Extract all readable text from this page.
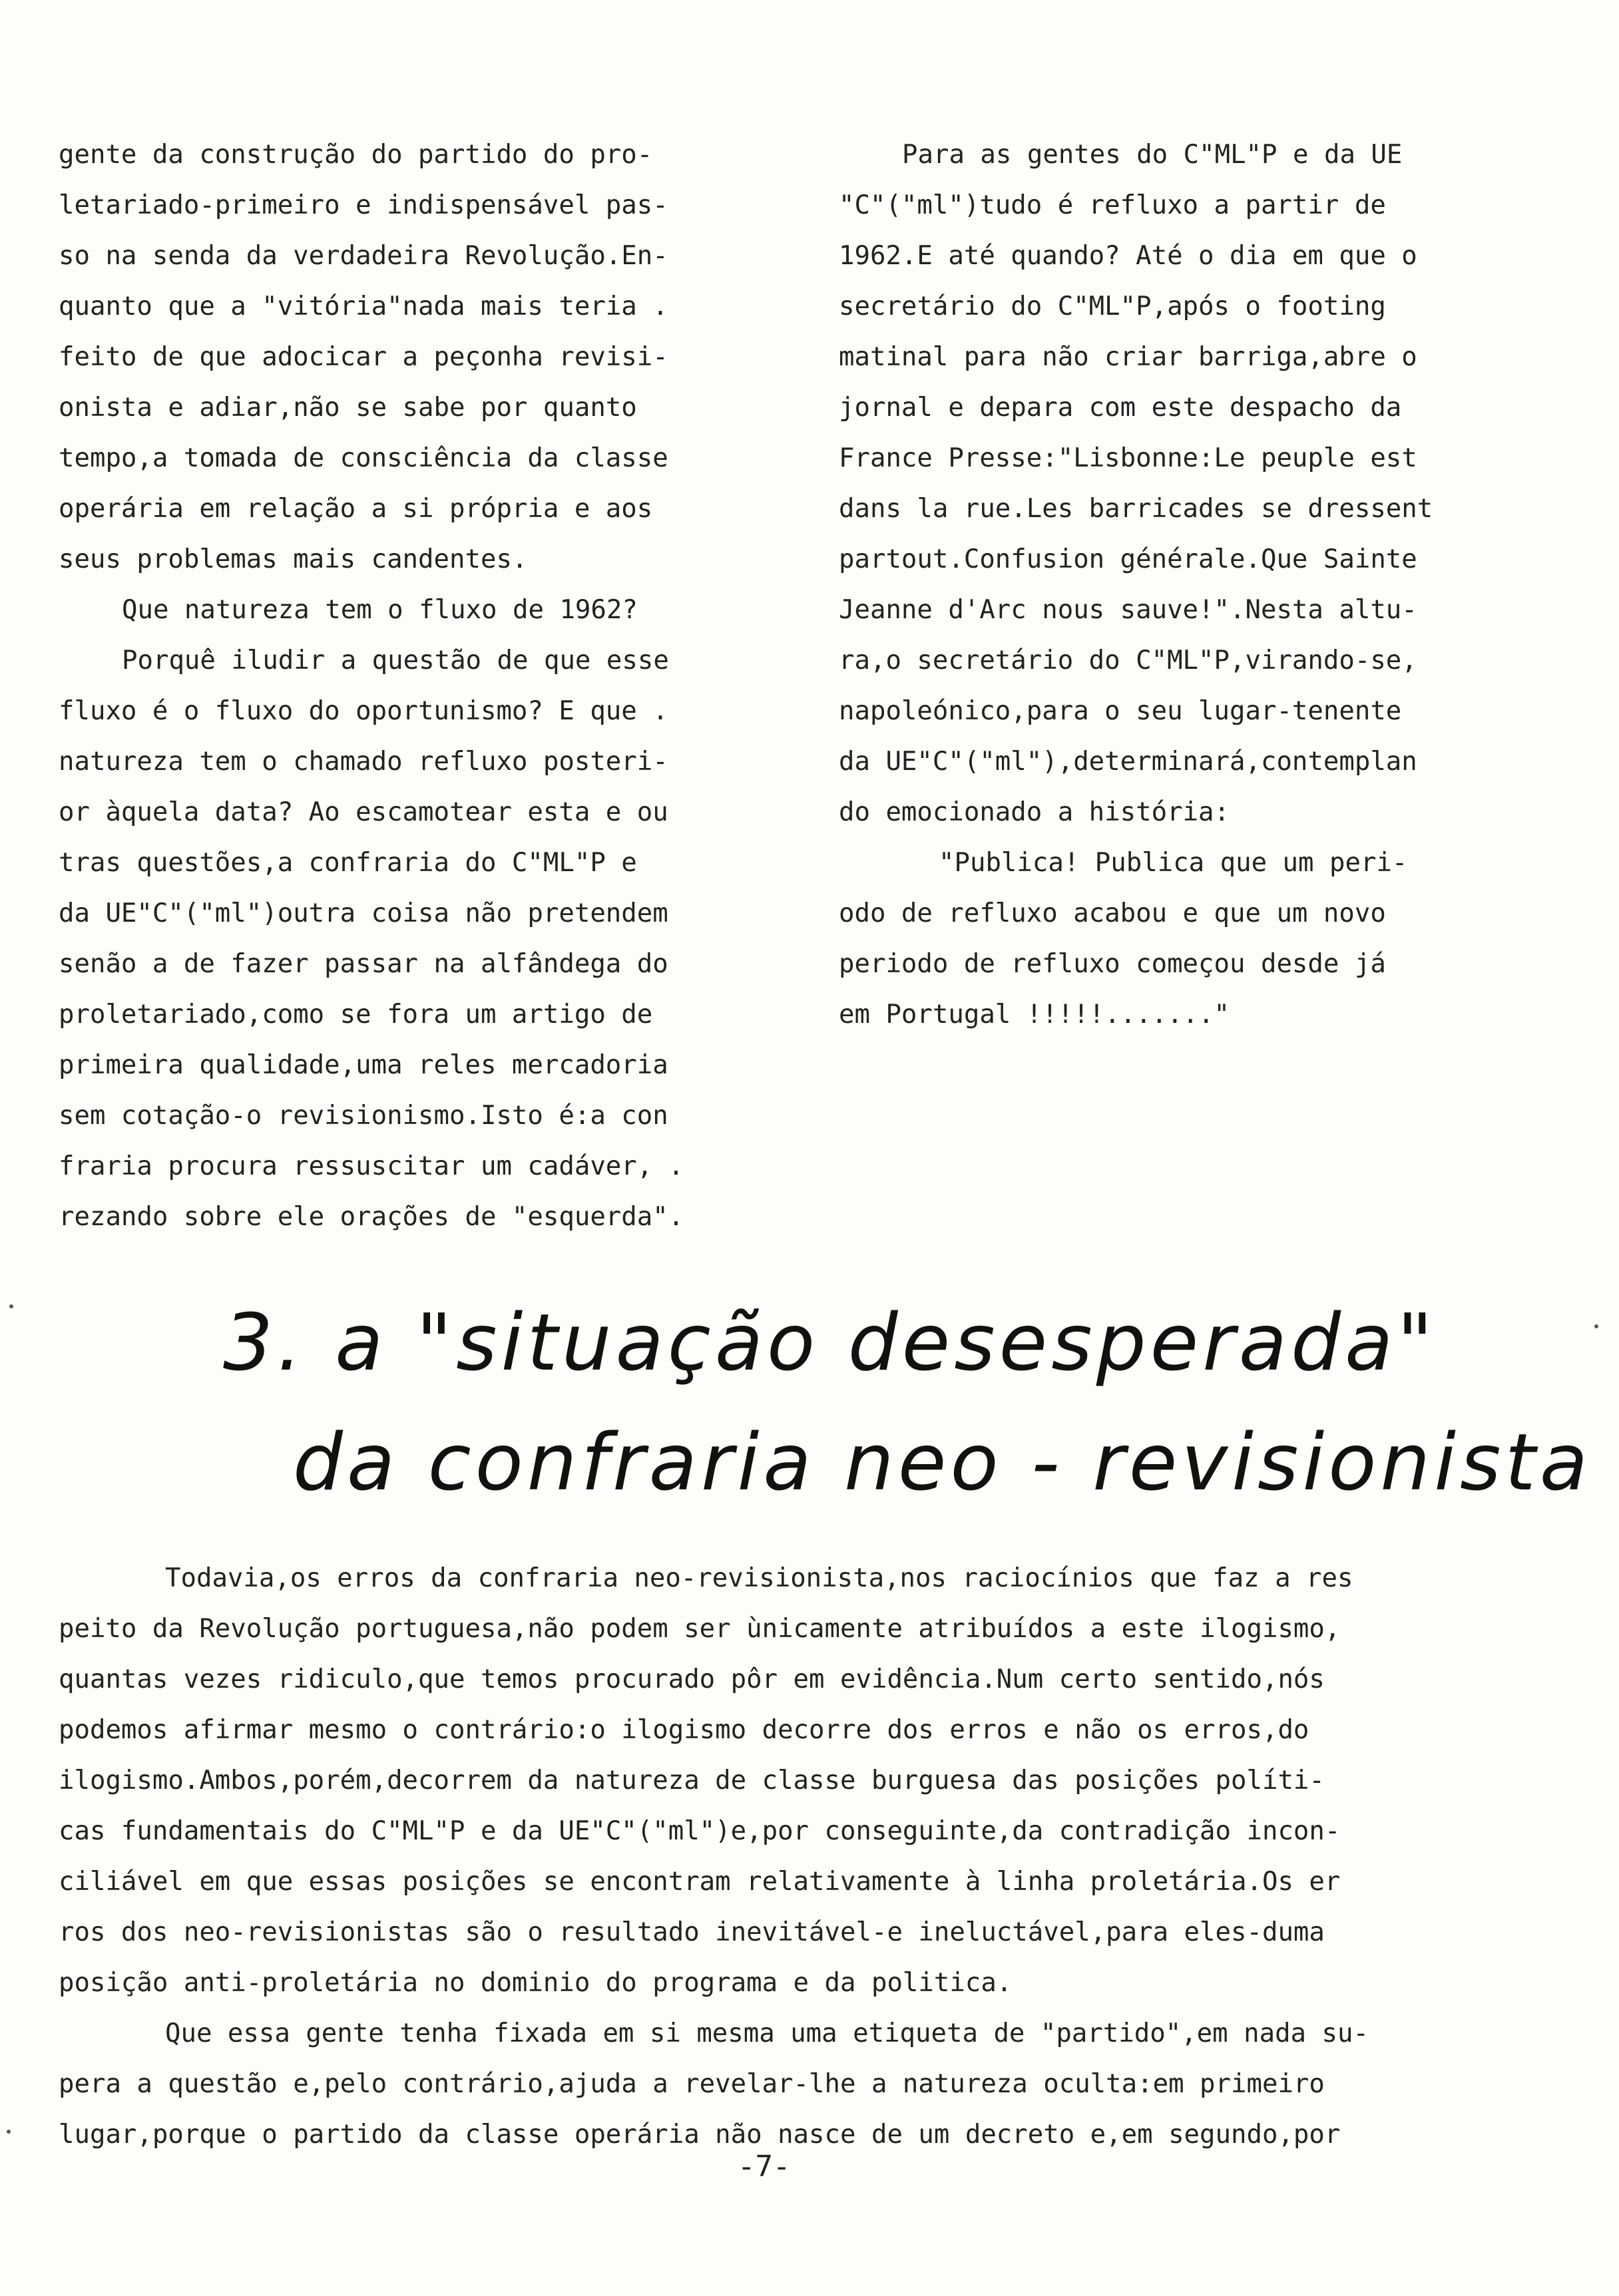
gente da construção do partido do pro-
letariado-primeiro e indispensável pas-
so na senda da verdadeira Revolução.En-
quanto que a "vitória"nada mais teria .
feito de que adocicar a peçonha revisi-
onista e adiar,não se sabe por quanto
tempo,a tomada de consciência da classe
operária em relação a si própria e aos
seus problemas mais candentes.
Que natureza tem o fluxo de 1962?
Porquê iludir a questão de que esse
fluxo é o fluxo do oportunismo? E que .
natureza tem o chamado refluxo posteri-
or àquela data? Ao escamotear esta e ou
tras questões,a confraria do C"ML"P e
da UE"C"("ml")outra coisa não pretendem
senão a de fazer passar na alfândega do
proletariado,como se fora um artigo de
primeira qualidade,uma reles mercadoria
sem cotação-o revisionismo.Isto é:a con
fraria procura ressuscitar um cadáver, .
rezando sobre ele orações de "esquerda".
Para as gentes do C"ML"P e da UE
"C"("ml")tudo é refluxo a partir de
1962.E até quando? Até o dia em que o
secretário do C"ML"P,após o footing
matinal para não criar barriga,abre o
jornal e depara com este despacho da
France Presse:"Lisbonne:Le peuple est
dans la rue.Les barricades se dressent
partout.Confusion générale.Que Sainte
Jeanne d'Arc nous sauve!".Nesta altu-
ra,o secretário do C"ML"P,virando-se,
napoleónico,para o seu lugar-tenente
da UE"C"("ml"),determinará,contemplan
do emocionado a história:
"Publica! Publica que um peri-
odo de refluxo acabou e que um novo
periodo de refluxo começou desde já
em Portugal !!!!!......."
3. a "situação desesperada"
da confraria neo - revisionista
Todavia,os erros da confraria neo-revisionista,nos raciocínios que faz a res
peito da Revolução portuguesa,não podem ser ùnicamente atribuídos a este ilogismo,
quantas vezes ridiculo,que temos procurado pôr em evidência.Num certo sentido,nós
podemos afirmar mesmo o contrário:o ilogismo decorre dos erros e não os erros,do
ilogismo.Ambos,porém,decorrem da natureza de classe burguesa das posições políti-
cas fundamentais do C"ML"P e da UE"C"("ml")e,por conseguinte,da contradição incon-
ciliável em que essas posições se encontram relativamente à linha proletária.Os er
ros dos neo-revisionistas são o resultado inevitável-e ineluctável,para eles-duma
posição anti-proletária no dominio do programa e da politica.
Que essa gente tenha fixada em si mesma uma etiqueta de "partido",em nada su-
pera a questão e,pelo contrário,ajuda a revelar-lhe a natureza oculta:em primeiro
lugar,porque o partido da classe operária não nasce de um decreto e,em segundo,por
-7-
